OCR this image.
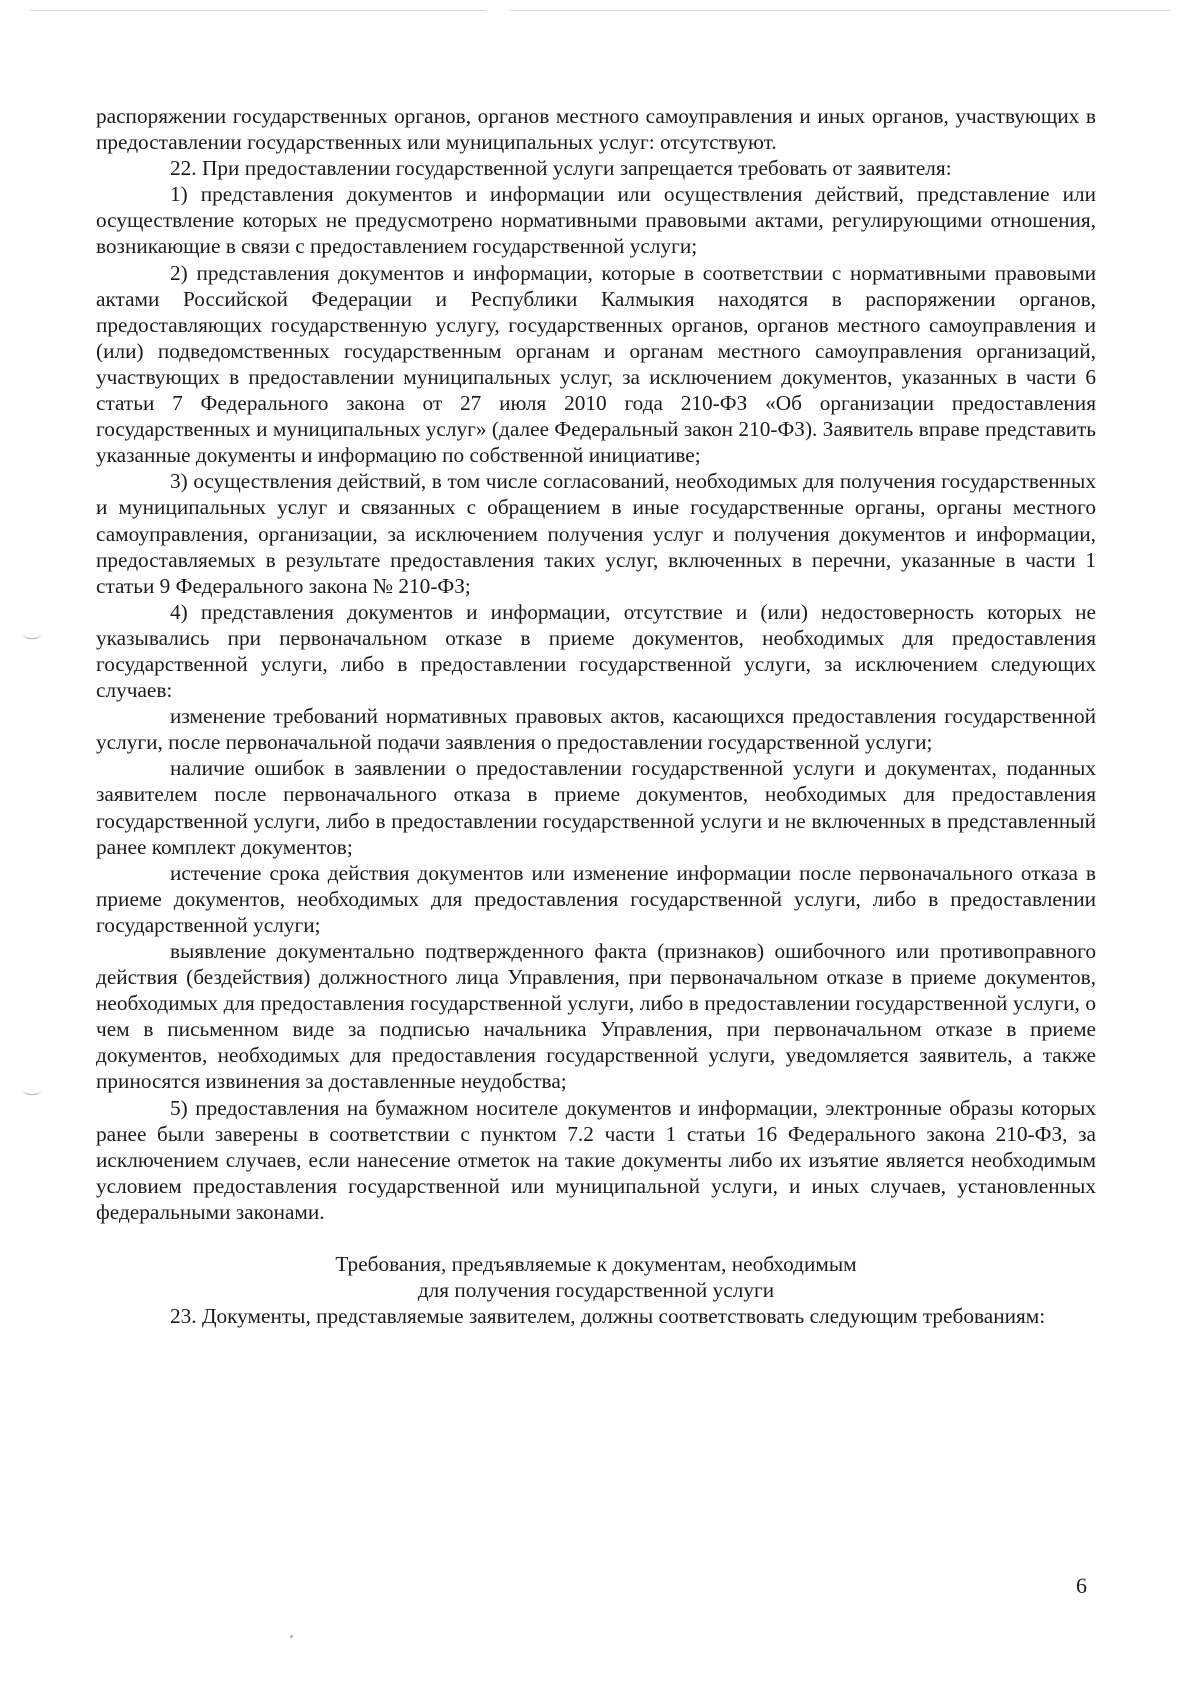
распоряжении государственных органов, органов местного самоуправления и иных органов, участвующих в предоставлении государственных или муниципальных услуг: отсутствуют.

22. При предоставлении государственной услуги запрещается требовать от заявителя:

1) представления документов и информации или осуществления действий, представление или осуществление которых не предусмотрено нормативными правовыми актами, регулирующими отношения, возникающие в связи с предоставлением государственной услуги;

2) представления документов и информации, которые в соответствии с нормативными правовыми актами Российской Федерации и Республики Калмыкия находятся в распоряжении органов, предоставляющих государственную услугу, государственных органов, органов местного самоуправления и (или) подведомственных государственным органам и органам местного самоуправления организаций, участвующих в предоставлении муниципальных услуг, за исключением документов, указанных в части 6 статьи 7 Федерального закона от 27 июля 2010 года 210-ФЗ «Об организации предоставления государственных и муниципальных услуг» (далее Федеральный закон 210-ФЗ). Заявитель вправе представить указанные документы и информацию по собственной инициативе;

3) осуществления действий, в том числе согласований, необходимых для получения государственных и муниципальных услуг и связанных с обращением в иные государственные органы, органы местного самоуправления, организации, за исключением получения услуг и получения документов и информации, предоставляемых в результате предоставления таких услуг, включенных в перечни, указанные в части 1 статьи 9 Федерального закона № 210-ФЗ;

4) представления документов и информации, отсутствие и (или) недостоверность которых не указывались при первоначальном отказе в приеме документов, необходимых для предоставления государственной услуги, либо в предоставлении государственной услуги, за исключением следующих случаев:

изменение требований нормативных правовых актов, касающихся предоставления государственной услуги, после первоначальной подачи заявления о предоставлении государственной услуги;

наличие ошибок в заявлении о предоставлении государственной услуги и документах, поданных заявителем после первоначального отказа в приеме документов, необходимых для предоставления государственной услуги, либо в предоставлении государственной услуги и не включенных в представленный ранее комплект документов;

истечение срока действия документов или изменение информации после первоначального отказа в приеме документов, необходимых для предоставления государственной услуги, либо в предоставлении государственной услуги;

выявление документально подтвержденного факта (признаков) ошибочного или противоправного действия (бездействия) должностного лица Управления, при первоначальном отказе в приеме документов, необходимых для предоставления государственной услуги, либо в предоставлении государственной услуги, о чем в письменном виде за подписью начальника Управления, при первоначальном отказе в приеме документов, необходимых для предоставления государственной услуги, уведомляется заявитель, а также приносятся извинения за доставленные неудобства;

5) предоставления на бумажном носителе документов и информации, электронные образы которых ранее были заверены в соответствии с пунктом 7.2 части 1 статьи 16 Федерального закона 210-ФЗ, за исключением случаев, если нанесение отметок на такие документы либо их изъятие является необходимым условием предоставления государственной или муниципальной услуги, и иных случаев, установленных федеральными законами.

Требования, предъявляемые к документам, необходимым
для получения государственной услуги

23. Документы, представляемые заявителем, должны соответствовать следующим требованиям:

6
